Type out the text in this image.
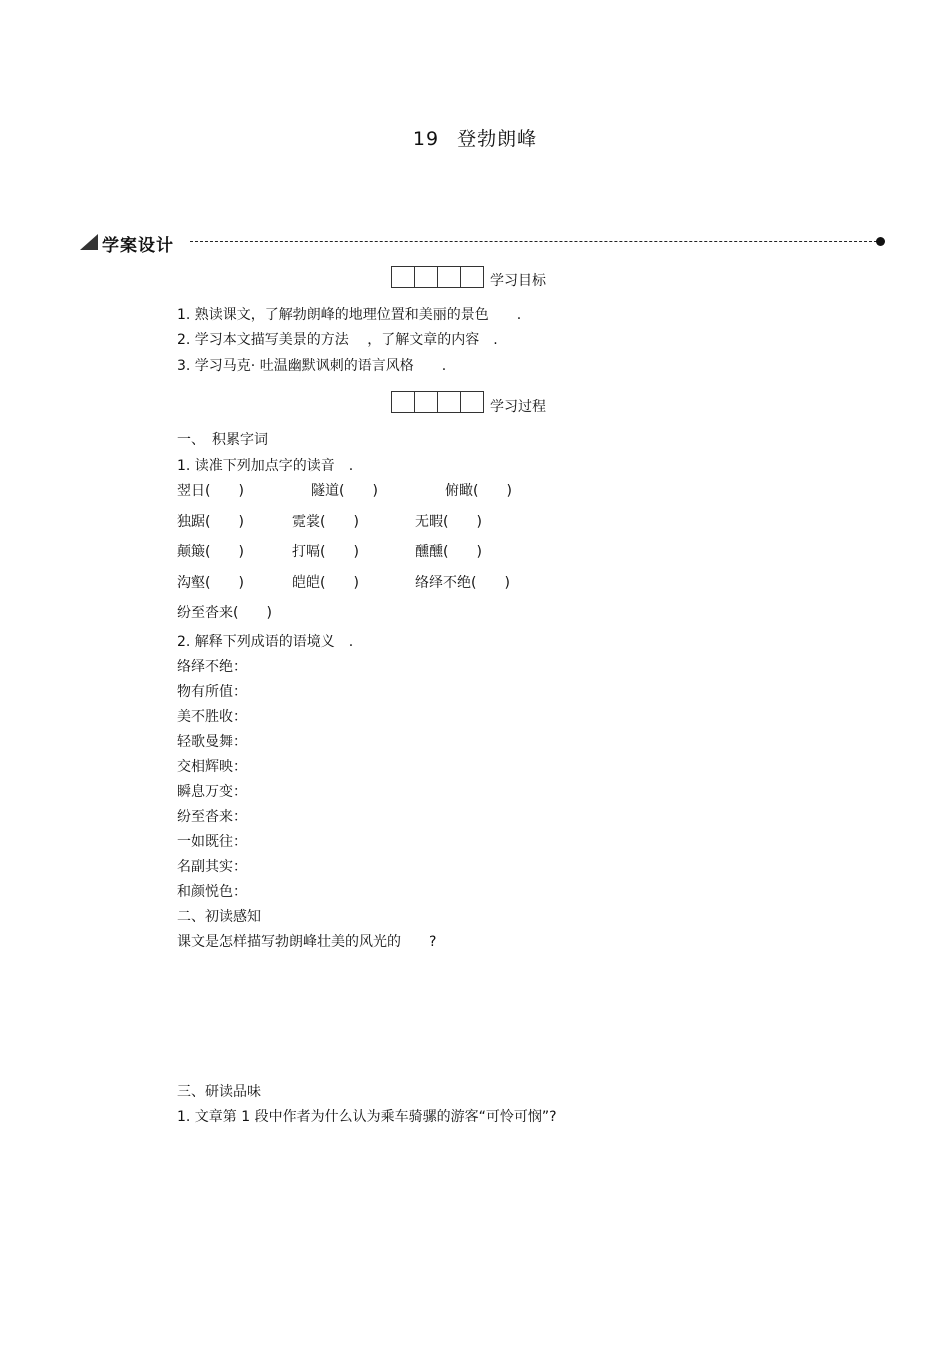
19 登勃朗峰
学案设计
学习目标
1. 熟读课文，了解勃朗峰的地理位置和美丽的景色　　.
2. 学习本文描写美景的方法　 ，了解文章的内容　.
3. 学习马克· 吐温幽默讽刺的语言风格　　.
学习过程
一、　积累字词
1. 读准下列加点字的读音　.
翌日(　　)	隧道(　　)	俯瞰(　　)
独踞(　　)	霓裳(　　)	无暇(　　)
颠簸(　　)	打嗝(　　)	醺醺(　　)
沟壑(　　)	皑皑(　　)	络绎不绝(　　)
纷至沓来(　　)
2. 解释下列成语的语境义　.
络绎不绝：
物有所值：
美不胜收：
轻歌曼舞：
交相辉映：
瞬息万变：
纷至沓来：
一如既往：
名副其实：
和颜悦色：
二、初读感知
课文是怎样描写勃朗峰壮美的风光的　　?
三、研读品味
1. 文章第 1 段中作者为什么认为乘车骑骡的游客“可怜可悯”?
